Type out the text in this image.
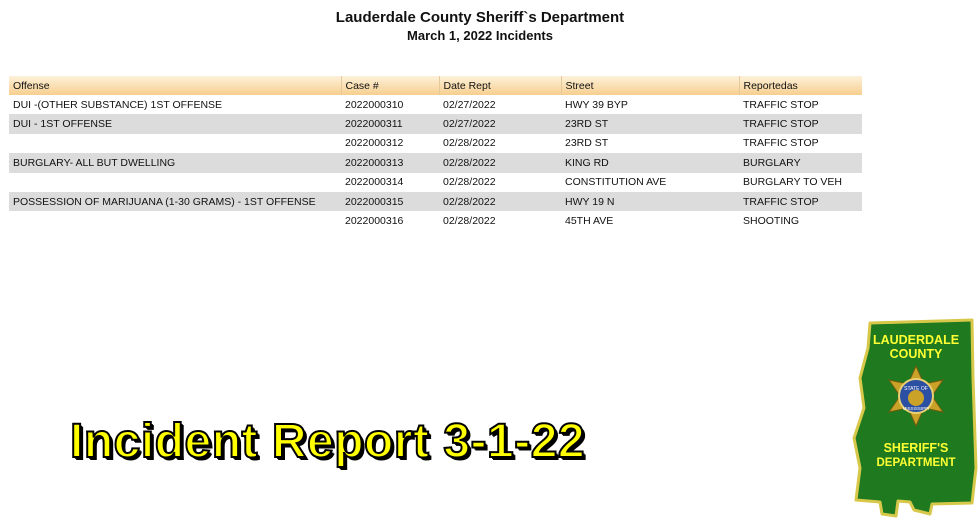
Lauderdale County Sheriff`s Department
March 1, 2022 Incidents
Offense	Case #	Date Rept	Street	Reportedas
DUI -(OTHER SUBSTANCE) 1ST OFFENSE	2022000310	02/27/2022	HWY 39 BYP	TRAFFIC STOP
DUI - 1ST OFFENSE	2022000311	02/27/2022	23RD ST	TRAFFIC STOP
	2022000312	02/28/2022	23RD ST	TRAFFIC STOP
BURGLARY- ALL BUT DWELLING	2022000313	02/28/2022	KING RD	BURGLARY
	2022000314	02/28/2022	CONSTITUTION AVE	BURGLARY TO VEH
POSSESSION OF MARIJUANA (1-30 GRAMS) - 1ST OFFENSE	2022000315	02/28/2022	HWY 19 N	TRAFFIC STOP
	2022000316	02/28/2022	45TH AVE	SHOOTING
Incident Report 3-1-22
LAUDERDALE
COUNTY
STATE OF
MISSISSIPPI
SHERIFF'S
DEPARTMENT
